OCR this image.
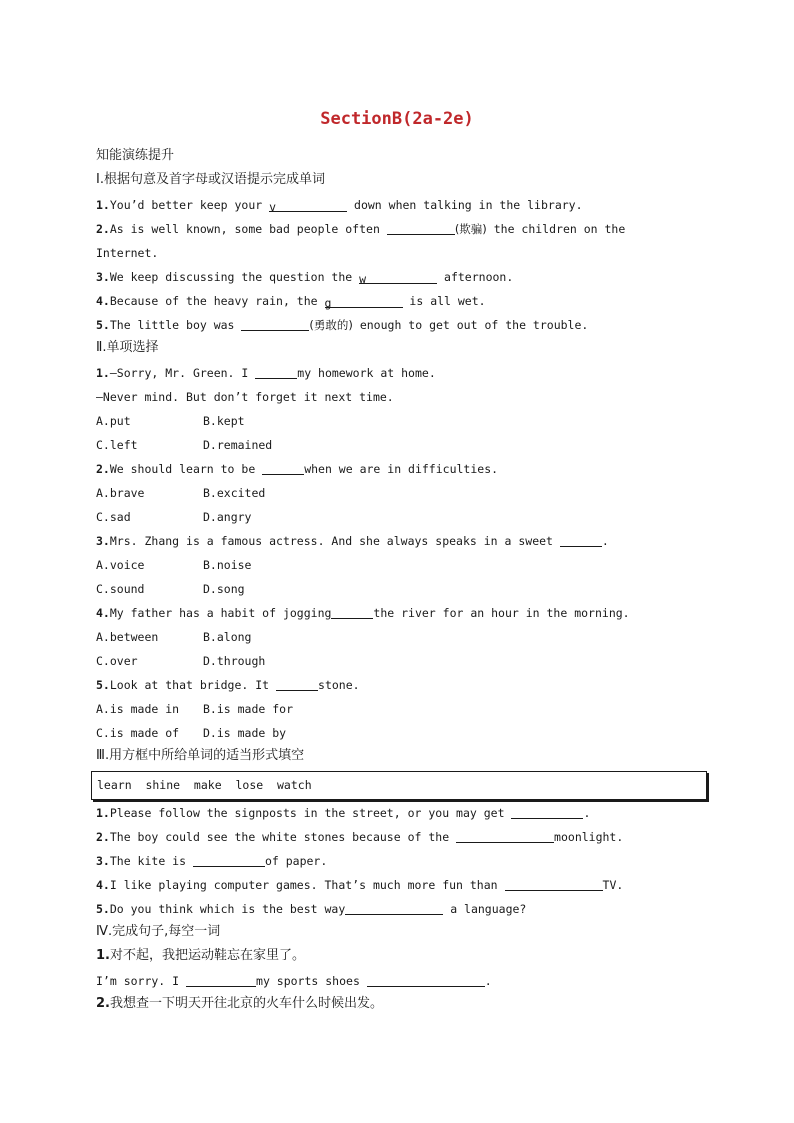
SectionB(2a-2e)
知能演练提升
Ⅰ.根据句意及首字母或汉语提示完成单词
1.You’d better keep your v	down when talking in the library.
2.As is well known, some bad people often	(欺骗) the children on the
Internet.
3.We keep discussing the question the w	afternoon.
4.Because of the heavy rain, the g	is all wet.
5.The little boy was	(勇敢的) enough to get out of the trouble.
Ⅱ.单项选择
1.—Sorry, Mr. Green. I	my homework at home.
—Never mind. But don’t forget it next time.
A.put	B.kept
C.left	D.remained
2.We should learn to be	when we are in difficulties.
A.brave	B.excited
C.sad	D.angry
3.Mrs. Zhang is a famous actress. And she always speaks in a sweet	.
A.voice	B.noise
C.sound	D.song
4.My father has a habit of jogging	the river for an hour in the morning.
A.between	B.along
C.over	D.through
5.Look at that bridge. It	stone.
A.is made in B.is made for
C.is made of D.is made by
Ⅲ.用方框中所给单词的适当形式填空
learn  shine  make  lose  watch
1.Please follow the signposts in the street, or you may get	.
2.The boy could see the white stones because of the	moonlight.
3.The kite is	of paper.
4.I like playing computer games. That’s much more fun than	TV.
5.Do you think which is the best way	a language?
Ⅳ.完成句子,每空一词
1.对不起，我把运动鞋忘在家里了。
I’m sorry. I	my sports shoes	.
2.我想查一下明天开往北京的火车什么时候出发。
